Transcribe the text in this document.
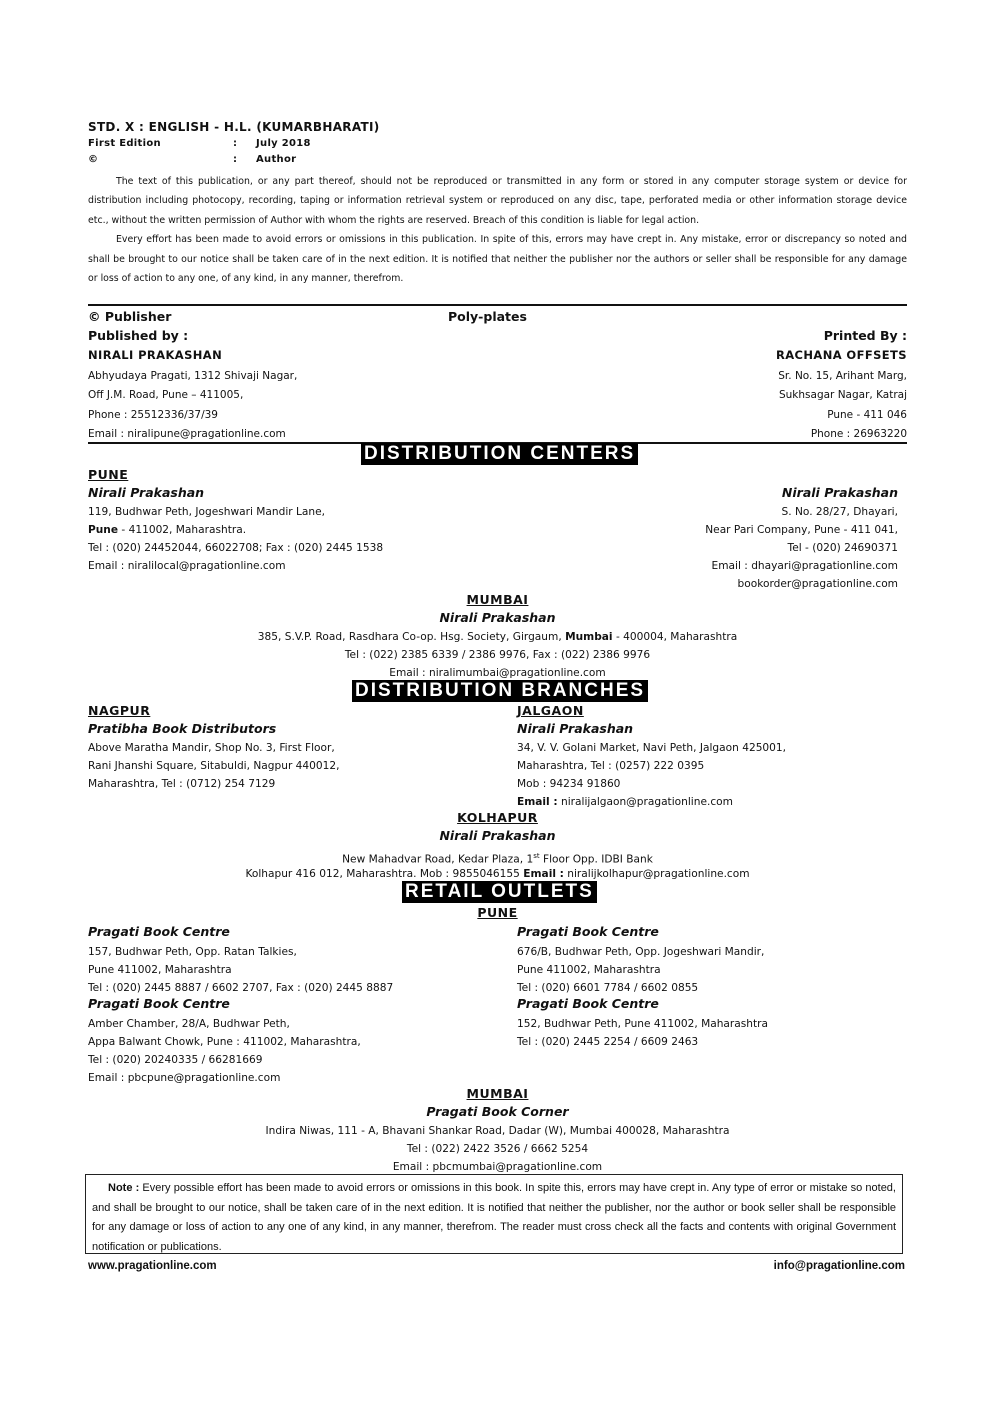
STD. X : ENGLISH - H.L. (KUMARBHARATI)
First Edition	: July 2018
©	: Author

The text of this publication, or any part thereof, should not be reproduced or transmitted in any form or stored in any computer storage system or device for distribution including photocopy, recording, taping or information retrieval system or reproduced on any disc, tape, perforated media or other information storage device etc., without the written permission of Author with whom the rights are reserved. Breach of this condition is liable for legal action.

Every effort has been made to avoid errors or omissions in this publication. In spite of this, errors may have crept in. Any mistake, error or discrepancy so noted and shall be brought to our notice shall be taken care of in the next edition. It is notified that neither the publisher nor the authors or seller shall be responsible for any damage or loss of action to any one, of any kind, in any manner, therefrom.

© Publisher	Poly-plates
Published by :
NIRALI PRAKASHAN
Abhyudaya Pragati, 1312 Shivaji Nagar,
Off J.M. Road, Pune – 411005,
Phone : 25512336/37/39
Email : niralipune@pragationline.com
Printed By :
RACHANA OFFSETS
Sr. No. 15, Arihant Marg,
Sukhsagar Nagar, Katraj
Pune - 411 046
Phone : 26963220
DISTRIBUTION CENTERS
PUNE
Nirali Prakashan
119, Budhwar Peth, Jogeshwari Mandir Lane,
Pune - 411002, Maharashtra.
Tel : (020) 24452044, 66022708; Fax : (020) 2445 1538
Email : niralilocal@pragationline.com
Nirali Prakashan
S. No. 28/27, Dhayari,
Near Pari Company, Pune - 411 041,
Tel - (020) 24690371
Email : dhayari@pragationline.com
bookorder@pragationline.com
MUMBAI
Nirali Prakashan
385, S.V.P. Road, Rasdhara Co-op. Hsg. Society, Girgaum, Mumbai - 400004, Maharashtra
Tel : (022) 2385 6339 / 2386 9976, Fax : (022) 2386 9976
Email : niralimumbai@pragationline.com
DISTRIBUTION BRANCHES
NAGPUR
Pratibha Book Distributors
Above Maratha Mandir, Shop No. 3, First Floor,
Rani Jhanshi Square, Sitabuldi, Nagpur 440012,
Maharashtra, Tel : (0712) 254 7129
JALGAON
Nirali Prakashan
34, V. V. Golani Market, Navi Peth, Jalgaon 425001,
Maharashtra, Tel : (0257) 222 0395
Mob : 94234 91860
Email : niralijalgaon@pragationline.com
KOLHAPUR
Nirali Prakashan
New Mahadvar Road, Kedar Plaza, 1st Floor Opp. IDBI Bank
Kolhapur 416 012, Maharashtra. Mob : 9855046155 Email : niralijkolhapur@pragationline.com
RETAIL OUTLETS
PUNE
Pragati Book Centre
157, Budhwar Peth, Opp. Ratan Talkies,
Pune 411002, Maharashtra
Tel : (020) 2445 8887 / 6602 2707, Fax : (020) 2445 8887
Pragati Book Centre
Amber Chamber, 28/A, Budhwar Peth,
Appa Balwant Chowk, Pune : 411002, Maharashtra,
Tel : (020) 20240335 / 66281669
Email : pbcpune@pragationline.com
Pragati Book Centre
676/B, Budhwar Peth, Opp. Jogeshwari Mandir,
Pune 411002, Maharashtra
Tel : (020) 6601 7784 / 6602 0855
Pragati Book Centre
152, Budhwar Peth, Pune 411002, Maharashtra
Tel : (020) 2445 2254 / 6609 2463
MUMBAI
Pragati Book Corner
Indira Niwas, 111 - A, Bhavani Shankar Road, Dadar (W), Mumbai 400028, Maharashtra
Tel : (022) 2422 3526 / 6662 5254
Email : pbcmumbai@pragationline.com

Note : Every possible effort has been made to avoid errors or omissions in this book. In spite this, errors may have crept in. Any type of error or mistake so noted, and shall be brought to our notice, shall be taken care of in the next edition. It is notified that neither the publisher, nor the author or book seller shall be responsible for any damage or loss of action to any one of any kind, in any manner, therefrom. The reader must cross check all the facts and contents with original Government notification or publications.

www.pragationline.com	info@pragationline.com
